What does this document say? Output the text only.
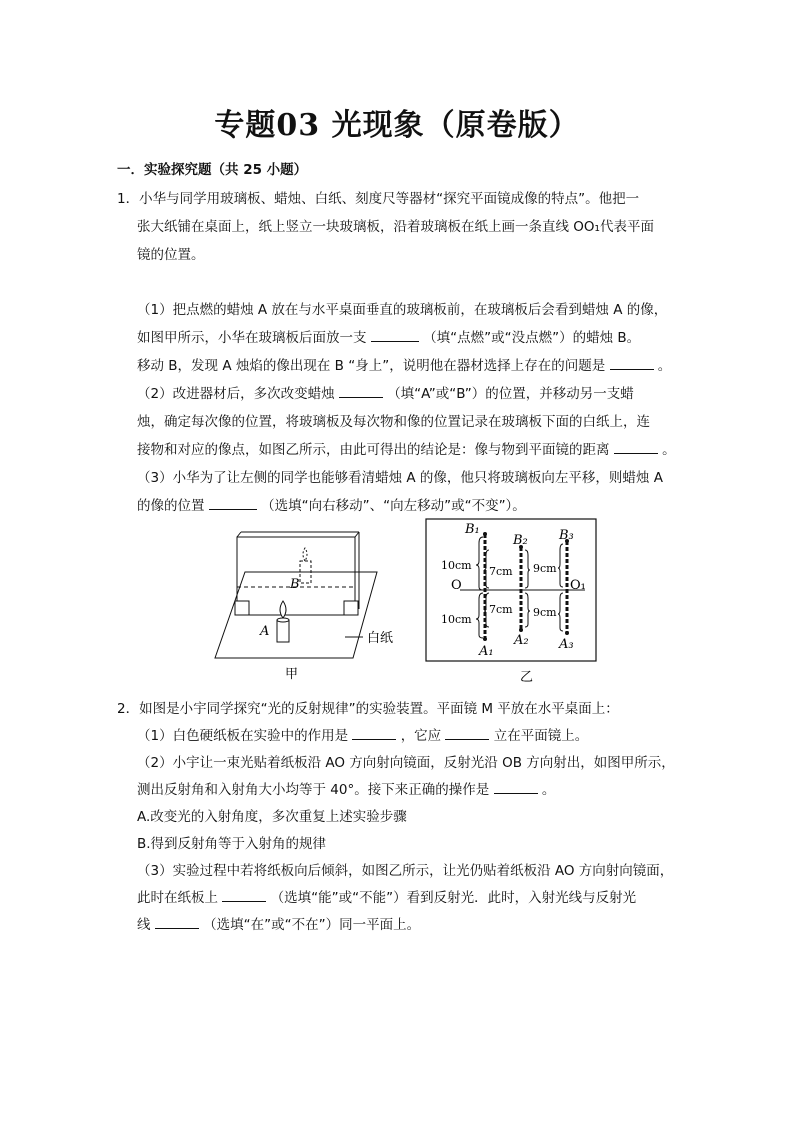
专题03 光现象（原卷版）
一．实验探究题（共 25 小题）
1．小华与同学用玻璃板、蜡烛、白纸、刻度尺等器材“探究平面镜成像的特点”。他把一
张大纸铺在桌面上，纸上竖立一块玻璃板，沿着玻璃板在纸上画一条直线 OO₁代表平面
镜的位置。
（1）把点燃的蜡烛 A 放在与水平桌面垂直的玻璃板前，在玻璃板后会看到蜡烛 A 的像，
如图甲所示，小华在玻璃板后面放一支	（填“点燃”或“没点燃”）的蜡烛 B。
移动 B，发现 A 烛焰的像出现在 B “身上”，说明他在器材选择上存在的问题是	。
（2）改进器材后，多次改变蜡烛	（填“A”或“B”）的位置，并移动另一支蜡
烛，确定每次像的位置，将玻璃板及每次物和像的位置记录在玻璃板下面的白纸上，连
接物和对应的像点，如图乙所示，由此可得出的结论是：像与物到平面镜的距离	。
（3）小华为了让左侧的同学也能够看清蜡烛 A 的像，他只将玻璃板向左平移，则蜡烛 A
的像的位置	（选填“向右移动”、“向左移动”或“不变”）。
B
A	白纸
甲
B₁
B₂ B₃
A₁
A₂ A₃
O	O₁
10cm 7cm 9cm
10cm
7cm 9cm
乙
2．如图是小宇同学探究“光的反射规律”的实验装置。平面镜 M 平放在水平桌面上：
（1）白色硬纸板在实验中的作用是	，它应	立在平面镜上。
（2）小宇让一束光贴着纸板沿 AO 方向射向镜面，反射光沿 OB 方向射出，如图甲所示，
测出反射角和入射角大小均等于 40°。接下来正确的操作是	。
A.改变光的入射角度，多次重复上述实验步骤
B.得到反射角等于入射角的规律
（3）实验过程中若将纸板向后倾斜，如图乙所示，让光仍贴着纸板沿 AO 方向射向镜面，
此时在纸板上	（选填“能”或“不能”）看到反射光．此时，入射光线与反射光
线	（选填“在”或“不在”）同一平面上。
